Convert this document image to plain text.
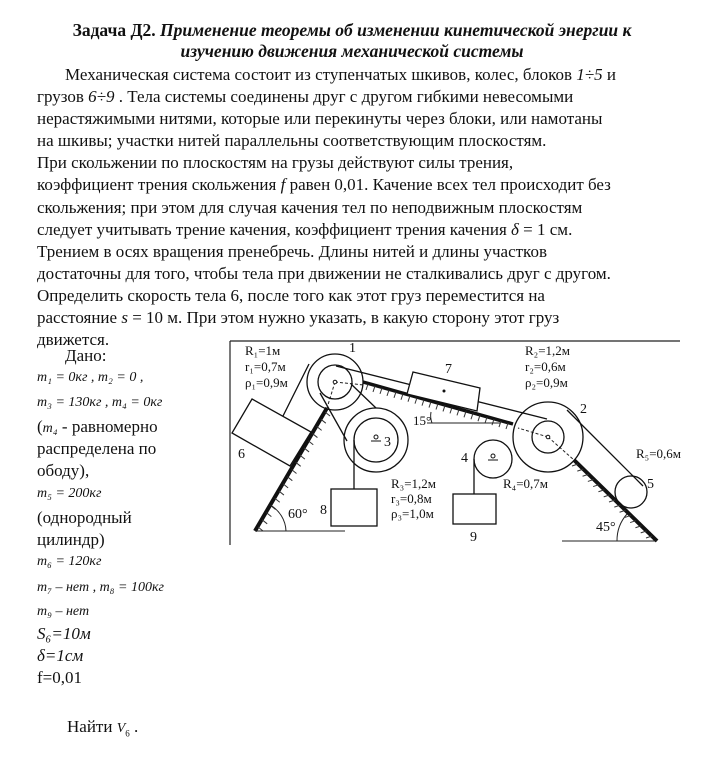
Задача Д2. Применение теоремы об изменении кинетической энергии к
изучению движения механической системы
Механическая система состоит из ступенчатых шкивов, колес, блоков 1÷5 и
грузов 6÷9 . Тела системы соединены друг с другом гибкими невесомыми
нерастяжимыми нитями, которые или перекинуты через блоки, или намотаны
на шкивы; участки нитей параллельны соответствующим плоскостям.
При скольжении по плоскостям на грузы действуют силы трения,
коэффициент трения скольжения f равен 0,01. Качение всех тел происходит без
скольжения; при этом для случая качения тел по неподвижным плоскостям
следует учитывать трение качения, коэффициент трения качения δ = 1 см.
Трением в осях вращения пренебречь. Длины нитей и длины участков
достаточны для того, чтобы тела при движении не сталкивались друг с другом.
Определить скорость тела 6, после того как этот груз переместится на
расстояние s = 10 м. При этом нужно указать, в какую сторону этот груз
движется.
Дано:
m₁ = 0кг , m₂ = 0 ,
m₃ = 130кг , m₄ = 0кг
(m₄ - равномерно
распределена по
ободу),
m₅ = 200кг
(однородный
цилиндр)
m₆ = 120кг
m₇ – нет , m₈ = 100кг
m₉ – нет
S₆=10м
δ=1см
f=0,01
Найти $V_6$ .
60°
15°
45°
1
3
2
4
5
6
7
8
9
R₁=1м
r₁=0,7м
ρ₁=0,9м
R₂=1,2м
r₂=0,6м
ρ₂=0,9м
R₃=1,2м
r₃=0,8м
ρ₃=1,0м
R₄=0,7м
R₅=0,6м
